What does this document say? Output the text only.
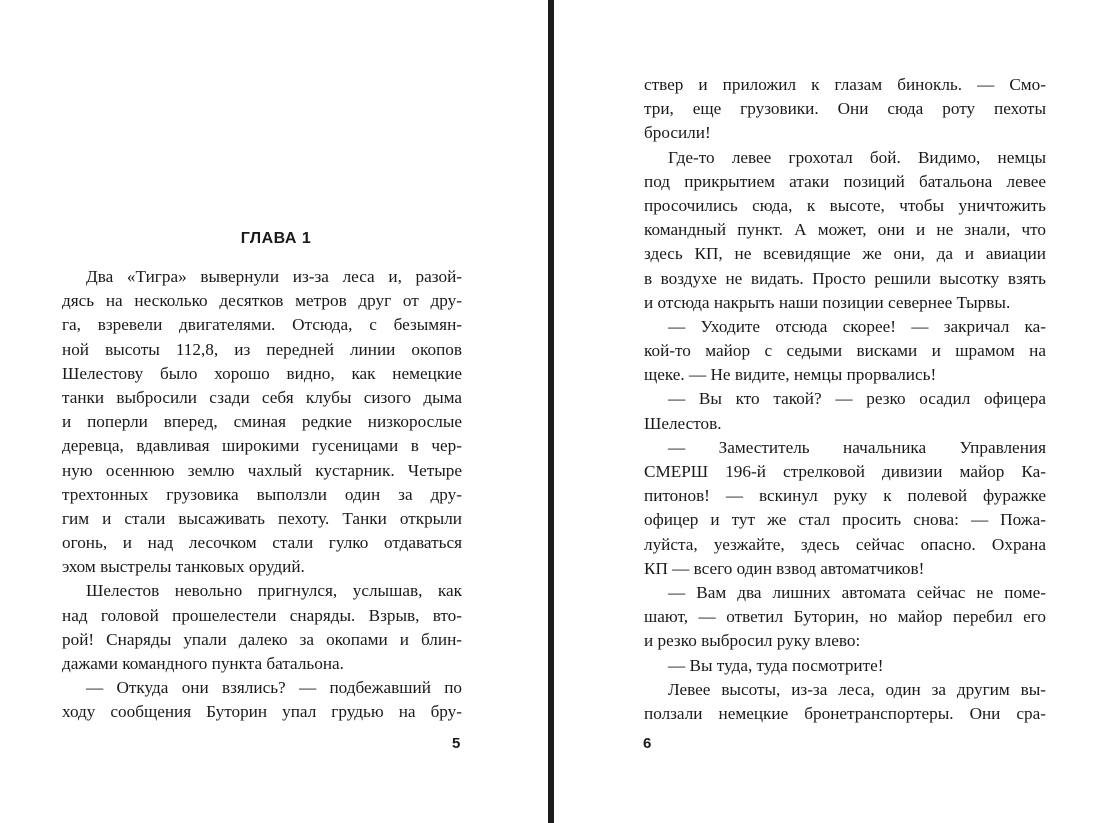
ГЛАВА 1
Два «Тигра» вывернули из-за леса и, разой-
дясь на несколько десятков метров друг от дру-
га, взревели двигателями. Отсюда, с безымян-
ной высоты 112,8, из передней линии окопов
Шелестову было хорошо видно, как немецкие
танки выбросили сзади себя клубы сизого дыма
и поперли вперед, сминая редкие низкорослые
деревца, вдавливая широкими гусеницами в чер-
ную осеннюю землю чахлый кустарник. Четыре
трехтонных грузовика выползли один за дру-
гим и стали высаживать пехоту. Танки открыли
огонь, и над лесочком стали гулко отдаваться
эхом выстрелы танковых орудий.
Шелестов невольно пригнулся, услышав, как
над головой прошелестели снаряды. Взрыв, вто-
рой! Снаряды упали далеко за окопами и блин-
дажами командного пункта батальона.
— Откуда они взялись? — подбежавший по
ходу сообщения Буторин упал грудью на бру-
5
ствер и приложил к глазам бинокль. — Смо-
три, еще грузовики. Они сюда роту пехоты
бросили!
Где-то левее грохотал бой. Видимо, немцы
под прикрытием атаки позиций батальона левее
просочились сюда, к высоте, чтобы уничтожить
командный пункт. А может, они и не знали, что
здесь КП, не всевидящие же они, да и авиации
в воздухе не видать. Просто решили высотку взять
и отсюда накрыть наши позиции севернее Тырвы.
— Уходите отсюда скорее! — закричал ка-
кой-то майор с седыми висками и шрамом на
щеке. — Не видите, немцы прорвались!
— Вы кто такой? — резко осадил офицера
Шелестов.
— Заместитель начальника Управления
СМЕРШ 196-й стрелковой дивизии майор Ка-
питонов! — вскинул руку к полевой фуражке
офицер и тут же стал просить снова: — Пожа-
луйста, уезжайте, здесь сейчас опасно. Охрана
КП — всего один взвод автоматчиков!
— Вам два лишних автомата сейчас не поме-
шают, — ответил Буторин, но майор перебил его
и резко выбросил руку влево:
— Вы туда, туда посмотрите!
Левее высоты, из-за леса, один за другим вы-
ползали немецкие бронетранспортеры. Они сра-
6
